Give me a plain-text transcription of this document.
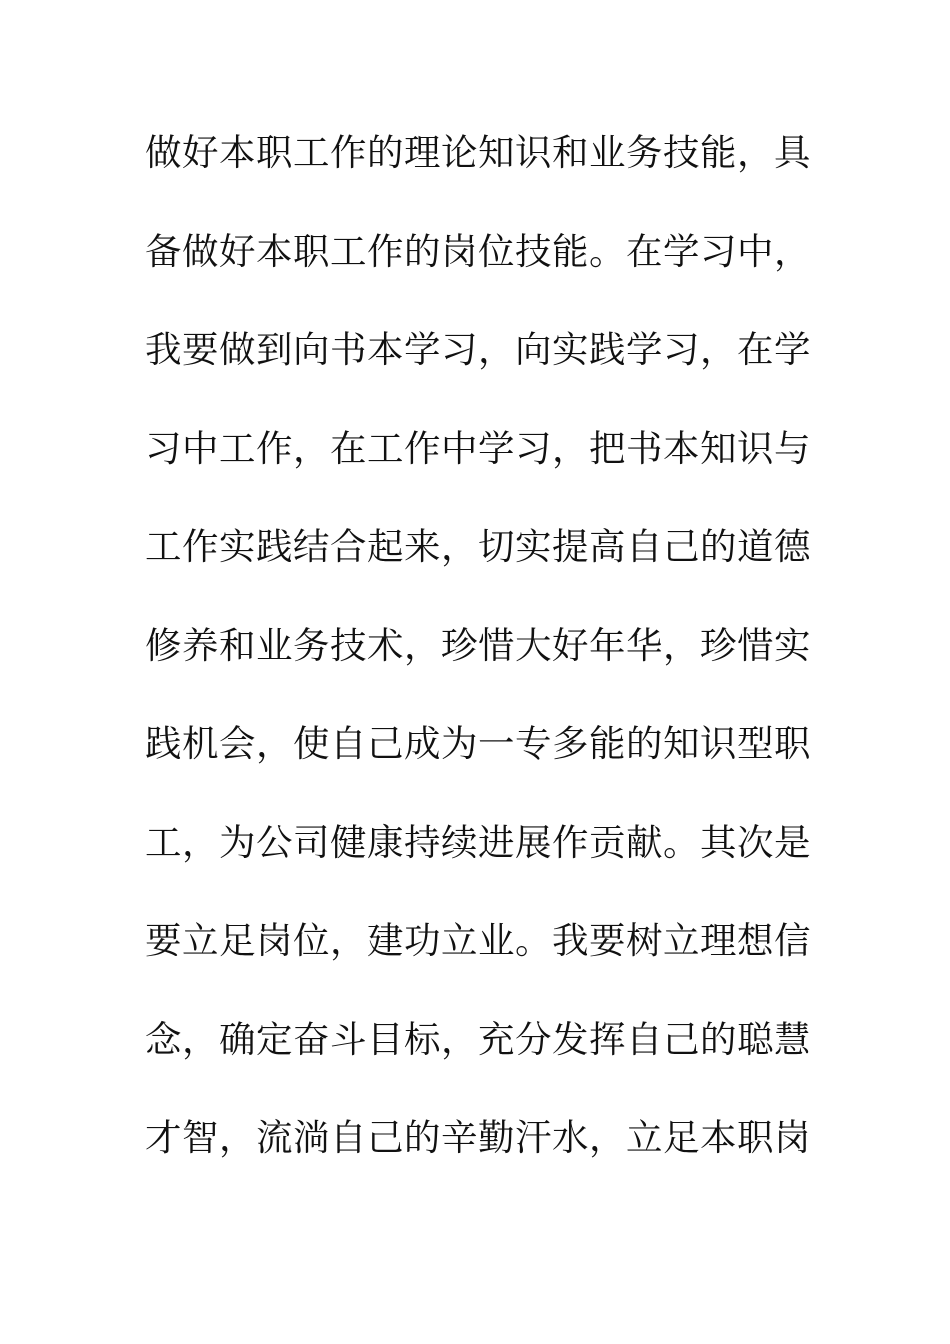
做好本职工作的理论知识和业务技能，具
备做好本职工作的岗位技能。在学习中，
我要做到向书本学习，向实践学习，在学
习中工作，在工作中学习，把书本知识与
工作实践结合起来，切实提高自己的道德
修养和业务技术，珍惜大好年华，珍惜实
践机会，使自己成为一专多能的知识型职
工，为公司健康持续进展作贡献。其次是
要立足岗位，建功立业。我要树立理想信
念，确定奋斗目标，充分发挥自己的聪慧
才智，流淌自己的辛勤汗水，立足本职岗
